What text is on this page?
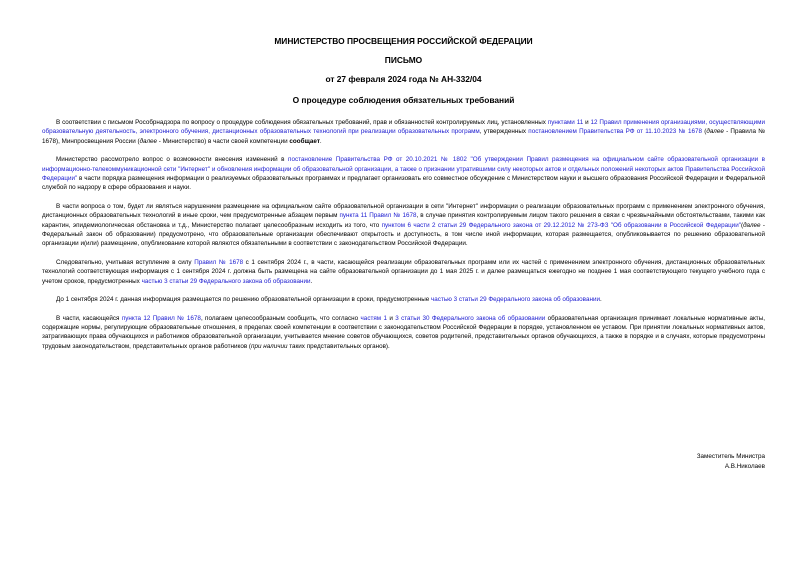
МИНИСТЕРСТВО ПРОСВЕЩЕНИЯ РОССИЙСКОЙ ФЕДЕРАЦИИ
ПИСЬМО
от 27 февраля 2024 года № АН-332/04
О процедуре соблюдения обязательных требований

В соответствии с письмом Рособрнадзора по вопросу о процедуре соблюдения обязательных требований, прав и обязанностей контролируемых лиц, установленных пунктами 11 и 12 Правил применения организациями, осуществляющими образовательную деятельность, электронного обучения, дистанционных образовательных технологий при реализации образовательных программ, утвержденных постановлением Правительства РФ от 11.10.2023 № 1678 (далее - Правила № 1678), Минпросвещения России (далее - Министерство) в части своей компетенции сообщает.

Министерство рассмотрело вопрос о возможности внесения изменений в постановление Правительства РФ от 20.10.2021 № 1802 "Об утверждении Правил размещения на официальном сайте образовательной организации в информационно-телекоммуникационной сети "Интернет" и обновления информации об образовательной организации, а также о признании утратившими силу некоторых актов и отдельных положений некоторых актов Правительства Российской Федерации" в части порядка размещения информации о реализуемых образовательных программах и предлагает организовать его совместное обсуждение с Министерством науки и высшего образования Российской Федерации и Федеральной службой по надзору в сфере образования и науки.

В части вопроса о том, будет ли являться нарушением размещение на официальном сайте образовательной организации в сети "Интернет" информации о реализации образовательных программ с применением электронного обучения, дистанционных образовательных технологий в иные сроки, чем предусмотренные абзацем первым пункта 11 Правил № 1678, в случае принятия контролируемым лицом такого решения в связи с чрезвычайными обстоятельствами, такими как карантин, эпидемиологическая обстановка и т.д., Министерство полагает целесообразным исходить из того, что пунктом 6 части 2 статьи 29 Федерального закона от 29.12.2012 № 273-ФЗ "Об образовании в Российской Федерации"(далее - Федеральный закон об образовании) предусмотрено, что образовательные организации обеспечивают открытость и доступность, в том числе иной информации, которая размещается, опубликовывается по решению образовательной организации и(или) размещение, опубликование которой являются обязательными в соответствии с законодательством Российской Федерации.

Следовательно, учитывая вступление в силу Правил № 1678 с 1 сентября 2024 г., в части, касающейся реализации образовательных программ или их частей с применением электронного обучения, дистанционных образовательных технологий соответствующая информация с 1 сентября 2024 г. должна быть размещена на сайте образовательной организации до 1 мая 2025 г. и далее размещаться ежегодно не позднее 1 мая соответствующего текущего учебного года с учетом сроков, предусмотренных частью 3 статьи 29 Федерального закона об образовании.

До 1 сентября 2024 г. данная информация размещается по решению образовательной организации в сроки, предусмотренные частью 3 статьи 29 Федерального закона об образовании.

В части, касающейся пункта 12 Правил № 1678, полагаем целесообразным сообщить, что согласно частям 1 и 3 статьи 30 Федерального закона об образовании образовательная организация принимает локальные нормативные акты, содержащие нормы, регулирующие образовательные отношения, в пределах своей компетенции в соответствии с законодательством Российской Федерации в порядке, установленном ее уставом. При принятии локальных нормативных актов, затрагивающих права обучающихся и работников образовательной организации, учитывается мнение советов обучающихся, советов родителей, представительных органов обучающихся, а также в порядке и в случаях, которые предусмотрены трудовым законодательством, представительных органов работников (при наличии таких представительных органов).

Заместитель Министра
А.В.Николаев
